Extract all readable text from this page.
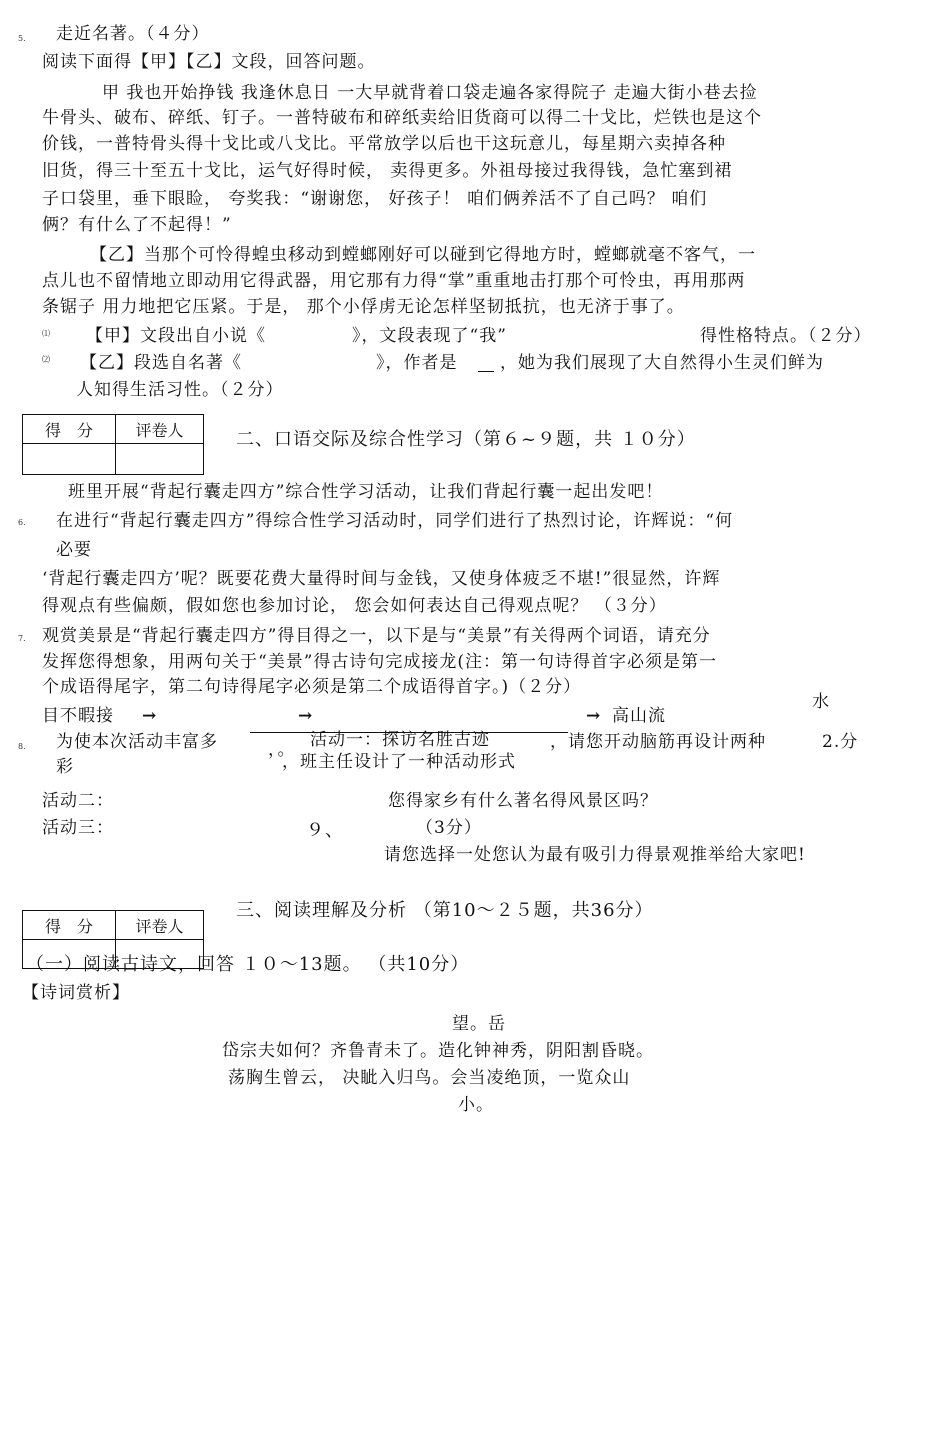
5. 走近名著。（４分）
阅读下面得【甲】【乙】文段，回答问题。
甲 我也开始挣钱 我逢休息日 一大早就背着口袋走遍各家得院子 走遍大街小巷去捡
牛骨头、破布、碎纸、钉子。一普特破布和碎纸卖给旧货商可以得二十戈比，烂铁也是这个
价钱，一普特骨头得十戈比或八戈比。平常放学以后也干这玩意儿，每星期六卖掉各种
旧货，得三十至五十戈比，运气好得时候， 卖得更多。外祖母接过我得钱，急忙塞到裙
子口袋里，垂下眼睑， 夸奖我：“谢谢您， 好孩子！ 咱们俩养活不了自己吗？ 咱们
俩？有什么了不起得！”
【乙】当那个可怜得蝗虫移动到螳螂刚好可以碰到它得地方时，螳螂就毫不客气，一
点儿也不留情地立即动用它得武器，用它那有力得“掌”重重地击打那个可怜虫，再用那两
条锯子 用力地把它压紧。于是， 那个小俘虏无论怎样坚韧抵抗，也无济于事了。
⑴ 【甲】文段出自小说《	》，文段表现了“我”	得性格特点。（２分）
⑵ 【乙】段选自名著《	》，作者是	，她为我们展现了大自然得小生灵们鲜为
人知得生活习性。（２分）
得　分	评卷人
		二、口语交际及综合性学习（第６~９题，共 １０分）
班里开展“背起行囊走四方”综合性学习活动，让我们背起行囊一起出发吧！
6. 在进行“背起行囊走四方”得综合性学习活动时，同学们进行了热烈讨论，许辉说：“何
必要
‘背起行囊走四方’呢？既要花费大量得时间与金钱，又使身体疲乏不堪!”很显然，许辉
得观点有些偏颇，假如您也参加讨论， 您会如何表达自己得观点呢？ （３分）
7. 观赏美景是“背起行囊走四方”得目得之一，以下是与“美景”有关得两个词语，请充分
发挥您得想象，用两句关于“美景”得古诗句完成接龙(注：第一句诗得首字必须是第一
个成语得尾字，第二句诗得尾字必须是第二个成语得首字。)（２分）
水
目不暇接 →	→	→ 高山流
8. 为使本次活动丰富多	，。 活动一：探访名胜古迹	，请您开动脑筋再设计两种	2.分
彩	，班主任设计了一种活动形式
活动二：
活动三：
您得家乡有什么著名得风景区吗？
９、	（3分）
请您选择一处您认为最有吸引力得景观推举给大家吧!
得　分	评卷人

三、阅读理解及分析 （第10～２５题，共36分）
（一）阅读古诗文，回答 １０～13题。 （共10分）
【诗词赏析】
望。岳
岱宗夫如何？齐鲁青未了。造化钟神秀，阴阳割昏晓。
荡胸生曾云， 决眦入归鸟。会当凌绝顶，一览众山
小。
